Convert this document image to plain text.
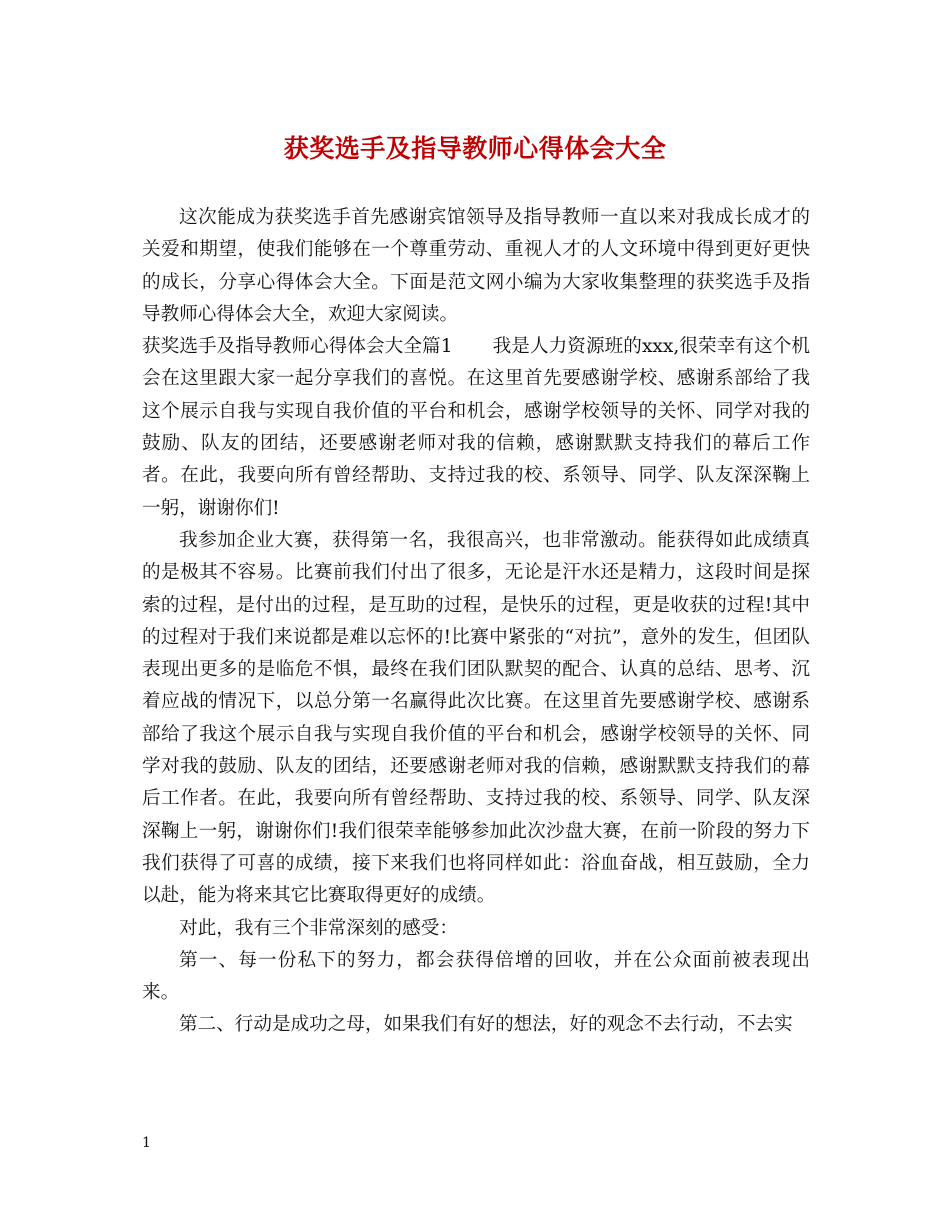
获奖选手及指导教师心得体会大全

这次能成为获奖选手首先感谢宾馆领导及指导教师一直以来对我成长成才的关爱和期望，使我们能够在一个尊重劳动、重视人才的人文环境中得到更好更快的成长，分享心得体会大全。下面是范文网小编为大家收集整理的获奖选手及指导教师心得体会大全，欢迎大家阅读。

获奖选手及指导教师心得体会大全篇1 我是人力资源班的xxx,很荣幸有这个机会在这里跟大家一起分享我们的喜悦。在这里首先要感谢学校、感谢系部给了我这个展示自我与实现自我价值的平台和机会，感谢学校领导的关怀、同学对我的鼓励、队友的团结，还要感谢老师对我的信赖，感谢默默支持我们的幕后工作者。在此，我要向所有曾经帮助、支持过我的校、系领导、同学、队友深深鞠上一躬，谢谢你们!

我参加企业大赛，获得第一名，我很高兴，也非常激动。能获得如此成绩真的是极其不容易。比赛前我们付出了很多，无论是汗水还是精力，这段时间是探索的过程，是付出的过程，是互助的过程，是快乐的过程，更是收获的过程!其中的过程对于我们来说都是难以忘怀的!比赛中紧张的“对抗”，意外的发生，但团队表现出更多的是临危不惧，最终在我们团队默契的配合、认真的总结、思考、沉着应战的情况下，以总分第一名赢得此次比赛。在这里首先要感谢学校、感谢系部给了我这个展示自我与实现自我价值的平台和机会，感谢学校领导的关怀、同学对我的鼓励、队友的团结，还要感谢老师对我的信赖，感谢默默支持我们的幕后工作者。在此，我要向所有曾经帮助、支持过我的校、系领导、同学、队友深深鞠上一躬，谢谢你们!我们很荣幸能够参加此次沙盘大赛，在前一阶段的努力下我们获得了可喜的成绩，接下来我们也将同样如此：浴血奋战，相互鼓励，全力以赴，能为将来其它比赛取得更好的成绩。

对此，我有三个非常深刻的感受：

第一、每一份私下的努力，都会获得倍增的回收，并在公众面前被表现出来。

第二、行动是成功之母，如果我们有好的想法，好的观念不去行动，不去实

1
